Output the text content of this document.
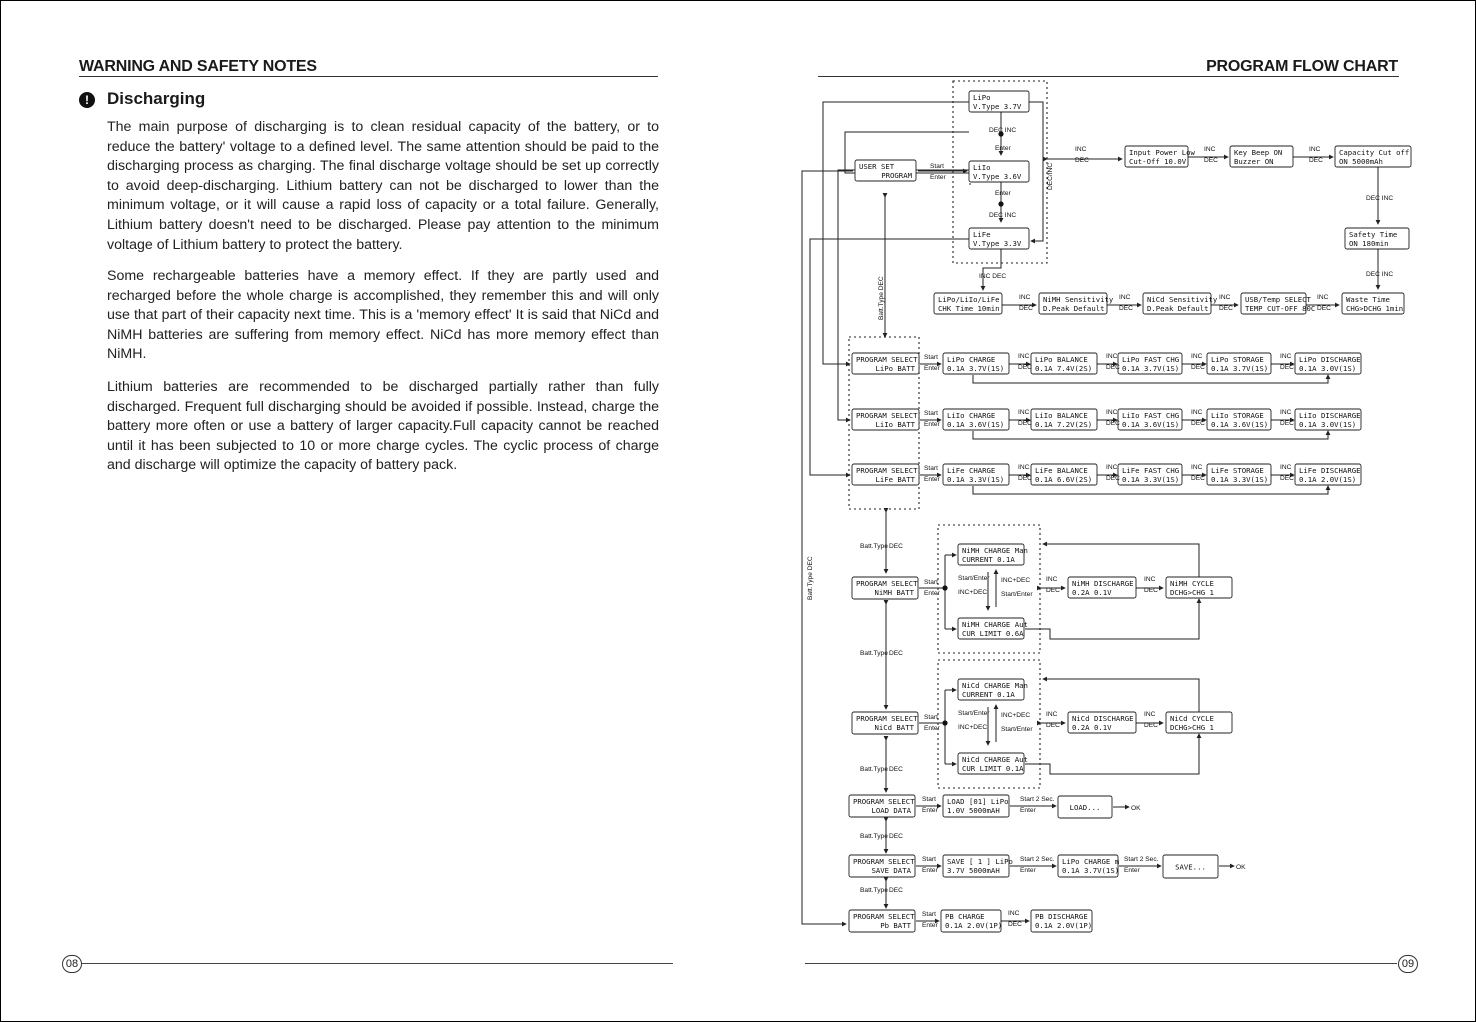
WARNING AND SAFETY NOTES
!	Discharging

The main purpose of discharging is to clean residual capacity of the battery, or to reduce the battery' voltage to a defined level. The same attention should be paid to the discharging process as charging. The final discharge voltage should be set up correctly to avoid deep-discharging. Lithium battery can not be discharged to lower than the minimum voltage, or it will cause a rapid loss of capacity or a total failure. Generally, Lithium battery doesn't need to be discharged. Please pay attention to the minimum voltage of Lithium battery to protect the battery.

Some rechargeable batteries have a memory effect. If they are partly used and recharged before the whole charge is accomplished, they remember this and will only use that part of their capacity next time. This is a 'memory effect' It is said that NiCd and NiMH batteries are suffering from memory effect. NiCd has more memory effect than NiMH.

Lithium batteries are recommended to be discharged partially rather than fully discharged. Frequent full discharging should be avoided if possible. Instead, charge the battery more often or use a battery of larger capacity.Full capacity cannot be reached until it has been subjected to 10 or more charge cycles. The cyclic process of charge and discharge will optimize the capacity of battery pack.

08
PROGRAM FLOW CHART
09
USER SET
PROGRAM
LiPo
V.Type 3.7V
LiIo
V.Type 3.6V
LiFe
V.Type 3.3V
Start
Enter
DEC INC
Enter
DEC INC
Enter
DEC/INC
INC
DEC
Input Power Low
Cut-Off 10.0V
INC
DEC
Key Beep ON
Buzzer ON
INC
DEC
Capacity Cut off
ON 5000mAh
DEC INC
Safety Time
ON 180min
DEC INC
INC DEC
LiPo/LiIo/LiFe
CHK Time 10min
INC
DEC
NiMH Sensitivity
D.Peak Default
INC
DEC
NiCd Sensitivity
D.Peak Default
INC
DEC
USB/Temp SELECT
TEMP CUT-OFF 80C
INC
DEC
Waste Time
CHG>DCHG 1min
Batt.Type DEC
PROGRAM SELECT
LiPo BATT
LiPo CHARGE
0.1A 3.7V(1S)
LiPo BALANCE
0.1A 7.4V(2S)
LiPo FAST CHG
0.1A 3.7V(1S)
LiPo STORAGE
0.1A 3.7V(1S)
LiPo DISCHARGE
0.1A 3.0V(1S)
Start
Enter
INC
DEC
INC
DEC
INC
DEC
INC
DEC
PROGRAM SELECT
LiIo BATT
LiIo CHARGE
0.1A 3.6V(1S)
LiIo BALANCE
0.1A 7.2V(2S)
LiIo FAST CHG
0.1A 3.6V(1S)
LiIo STORAGE
0.1A 3.6V(1S)
LiIo DISCHARGE
0.1A 3.0V(1S)
Start
Enter
INC
DEC
INC
DEC
INC
DEC
INC
DEC
PROGRAM SELECT
LiFe BATT
LiFe CHARGE
0.1A 3.3V(1S)
LiFe BALANCE
0.1A 6.6V(2S)
LiFe FAST CHG
0.1A 3.3V(1S)
LiFe STORAGE
0.1A 3.3V(1S)
LiFe DISCHARGE
0.1A 2.0V(1S)
Start
Enter
INC
DEC
INC
DEC
INC
DEC
INC
DEC
Batt.Type DEC
Batt.Type DEC
Batt.Type DEC
Batt.Type DEC
Batt.Type DEC
Batt.Type DEC
PROGRAM SELECT
NiMH BATT
Start
Enter
NiMH CHARGE Man
CURRENT 0.1A
NiMH CHARGE Aut
CUR LIMIT 0.6A
Start/Enter
INC+DEC
INC+DEC
Start/Enter
INC
DEC
NiMH DISCHARGE
0.2A 0.1V
INC
DEC
NiMH CYCLE
DCHG>CHG 1
PROGRAM SELECT
NiCd BATT
Start
Enter
NiCd CHARGE Man
CURRENT 0.1A
NiCd CHARGE Aut
CUR LIMIT 0.1A
Start/Enter
INC+DEC
INC+DEC
Start/Enter
INC
DEC
NiCd DISCHARGE
0.2A 0.1V
INC
DEC
NiCd CYCLE
DCHG>CHG 1
PROGRAM SELECT
LOAD DATA
Start
Enter
LOAD [01] LiPo
1.0V 5000mAH
Start 2 Sec.
Enter	LOAD...	OK
PROGRAM SELECT
SAVE DATA
Start
Enter
SAVE [ 1 ] LiPo
3.7V 5000mAH
Start 2 Sec.
Enter
LiPo CHARGE m
0.1A 3.7V(1S)
Start 2 Sec.
Enter	SAVE...	OK
PROGRAM SELECT
Pb BATT
Start
Enter
PB CHARGE
0.1A 2.0V(1P)
INC
DEC
PB DISCHARGE
0.1A 2.0V(1P)
